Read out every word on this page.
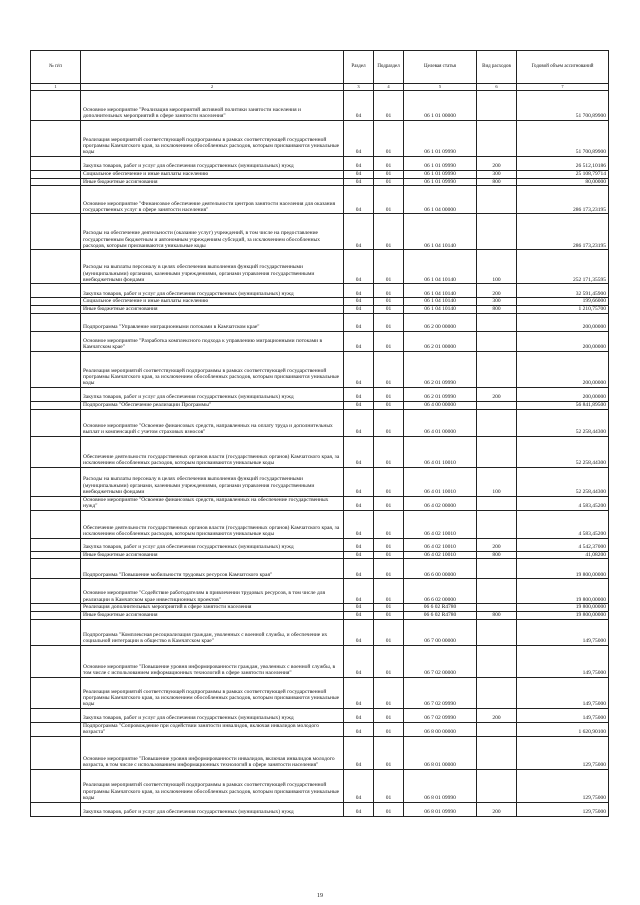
№ п/п		Раздел	Подраздел	Целевая статья	Вид расходов	Годовой объем ассигнований
1	2	3	4	5	6	7
	Основное мероприятие "Реализация мероприятий активной политики занятости населения и дополнительных мероприятий в сфере занятости населения"	04	01	06 1 01 00000		51 700,89900
	Реализация мероприятий соответствующей подпрограммы в рамках соответствующей государственной программы Камчатского края, за исключением обособленных расходов, которым присваиваются уникальные коды	04	01	06 1 01 09990		51 700,89900
	Закупка товаров, работ и услуг для обеспечения государственных (муниципальных) нужд	04	01	06 1 01 09990	200	26 512,10186
	Социальное обеспечение и иные выплаты населению	04	01	06 1 01 09990	300	25 108,79714
	Иные бюджетные ассигнования	04	01	06 1 01 09990	800	80,00000
	Основное мероприятие "Финансовое обеспечение деятельности центров занятости населения для оказания государственных услуг в сфере занятости населения"	04	01	06 1 04 00000		286 173,23195
	Расходы на обеспечение деятельности (оказание услуг) учреждений, в том числе на предоставление государственным бюджетным и автономным учреждениям субсидий, за исключением обособленных расходов, которым присваиваются уникальные коды	04	01	06 1 04 10140		286 173,23195
	Расходы на выплаты персоналу в целях обеспечения выполнения функций государственными (муниципальными) органами, казенными учреждениями, органами управления государственными внебюджетными фондами	04	01	06 1 04 10140	100	252 171,35595
	Закупка товаров, работ и услуг для обеспечения государственных (муниципальных) нужд	04	01	06 1 04 10140	200	32 591,45900
	Социальное обеспечение и иные выплаты населению	04	01	06 1 04 10140	300	199,66000
	Иные бюджетные ассигнования	04	01	06 1 04 10140	800	1 210,75700
	Подпрограмма "Управление миграционными потоками в Камчатском крае"	04	01	06 2 00 00000		200,00000
	Основное мероприятие "Разработка комплексного подхода к управлению миграционными потоками в Камчатском крае"	04	01	06 2 01 00000		200,00000
	Реализация мероприятий соответствующей подпрограммы в рамках соответствующей государственной программы Камчатского края, за исключением обособленных расходов, которым присваиваются уникальные коды	04	01	06 2 01 09990		200,00000
	Закупка товаров, работ и услуг для обеспечения государственных (муниципальных) нужд	04	01	06 2 01 09990	200	200,00000
	Подпрограмма "Обеспечение реализации Программы"	04	01	06 4 00 00000		56 841,89500
	Основное мероприятие "Освоение финансовых средств, направленных на оплату труда и дополнительных выплат и компенсаций с учетом страховых взносов"	04	01	06 4 01 00000		52 258,44300
	Обеспечение деятельности государственных органов власти (государственных органов) Камчатского края, за исключением обособленных расходов, которым присваиваются уникальные коды	04	01	06 4 01 10010		52 258,44300
	Расходы на выплаты персоналу в целях обеспечения выполнения функций государственными (муниципальными) органами, казенными учреждениями, органами управления государственными внебюджетными фондами	04	01	06 4 01 10010	100	52 258,44300
	Основное мероприятие "Освоение финансовых средств, направленных на обеспечение государственных нужд"	04	01	06 4 02 00000		4 583,45200
	Обеспечение деятельности государственных органов власти (государственных органов) Камчатского края, за исключением обособленных расходов, которым присваиваются уникальные коды	04	01	06 4 02 10010		4 583,45200
	Закупка товаров, работ и услуг для обеспечения государственных (муниципальных) нужд	04	01	06 4 02 10010	200	4 542,37000
	Иные бюджетные ассигнования	04	01	06 4 02 10010	800	41,08200
	Подпрограмма "Повышение мобильности трудовых ресурсов Камчатского края"	04	01	06 6 00 00000		19 800,00000
	Основное мероприятие "Содействие работодателям в привлечении трудовых ресурсов, в том числе для реализации в Камчатском крае инвестиционных проектов"	04	01	06 6 02 00000		19 800,00000
	Реализация дополнительных мероприятий в сфере занятости населения	04	01	06 6 02 R4780		19 800,00000
	Иные бюджетные ассигнования	04	01	06 6 02 R4780	800	19 800,00000
	Подпрограмма "Комплексная ресоциализация граждан, уволенных с военной службы, и обеспечение их социальной интеграции в общество в Камчатском крае"	04	01	06 7 00 00000		149,75000
	Основное мероприятие "Повышение уровня информированности граждан, уволенных с военной службы, в том числе с использованием информационных технологий в сфере занятости населения"	04	01	06 7 02 00000		149,75000
	Реализация мероприятий соответствующей подпрограммы в рамках соответствующей государственной программы Камчатского края, за исключением обособленных расходов, которым присваиваются уникальные коды	04	01	06 7 02 09990		149,75000
	Закупка товаров, работ и услуг для обеспечения государственных (муниципальных) нужд	04	01	06 7 02 09990	200	149,75000
	Подпрограмма "Сопровождение при содействии занятости инвалидов, включая инвалидов молодого возраста"	04	01	06 8 00 00000		1 620,90100
	Основное мероприятие "Повышение уровня информированности инвалидов, включая инвалидов молодого возраста, в том числе с использованием информационных технологий в сфере занятости населения"	04	01	06 8 01 00000		129,75000
	Реализация мероприятий соответствующей подпрограммы в рамках соответствующей государственной программы Камчатского края, за исключением обособленных расходов, которым присваиваются уникальные коды	04	01	06 8 01 09990		129,75000
	Закупка товаров, работ и услуг для обеспечения государственных (муниципальных) нужд	04	01	06 8 01 09990	200	129,75000
19
